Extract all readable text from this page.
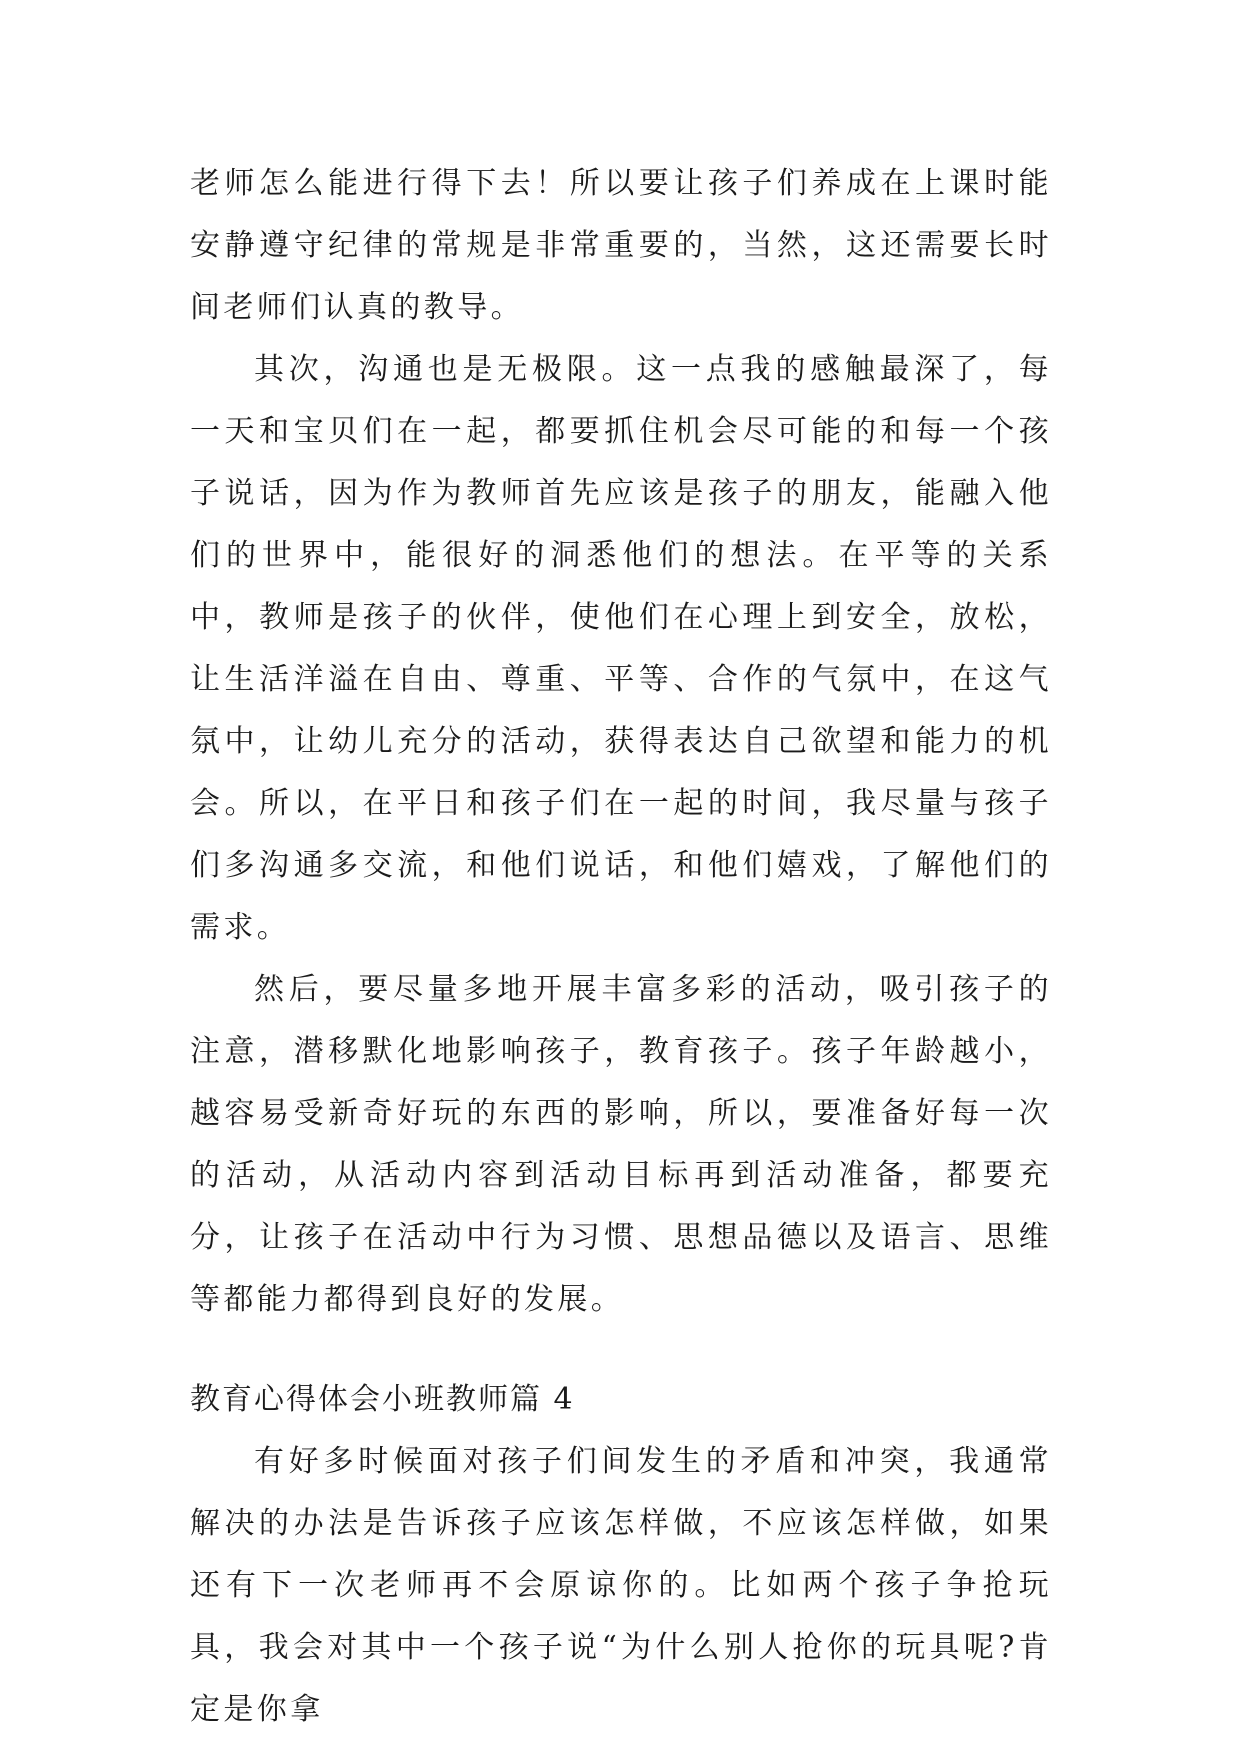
老师怎么能进行得下去！所以要让孩子们养成在上课时能安静遵守纪律的常规是非常重要的，当然，这还需要长时间老师们认真的教导。

其次，沟通也是无极限。这一点我的感触最深了，每一天和宝贝们在一起，都要抓住机会尽可能的和每一个孩子说话，因为作为教师首先应该是孩子的朋友，能融入他们的世界中，能很好的洞悉他们的想法。在平等的关系中，教师是孩子的伙伴，使他们在心理上到安全，放松，让生活洋溢在自由、尊重、平等、合作的气氛中，在这气氛中，让幼儿充分的活动，获得表达自己欲望和能力的机会。所以，在平日和孩子们在一起的时间，我尽量与孩子们多沟通多交流，和他们说话，和他们嬉戏，了解他们的需求。

然后，要尽量多地开展丰富多彩的活动，吸引孩子的注意，潜移默化地影响孩子，教育孩子。孩子年龄越小，越容易受新奇好玩的东西的影响，所以，要准备好每一次的活动，从活动内容到活动目标再到活动准备，都要充分，让孩子在活动中行为习惯、思想品德以及语言、思维等都能力都得到良好的发展。

教育心得体会小班教师篇 4

有好多时候面对孩子们间发生的矛盾和冲突，我通常解决的办法是告诉孩子应该怎样做，不应该怎样做，如果还有下一次老师再不会原谅你的。比如两个孩子争抢玩具，我会对其中一个孩子说“为什么别人抢你的玩具呢?肯定是你拿
